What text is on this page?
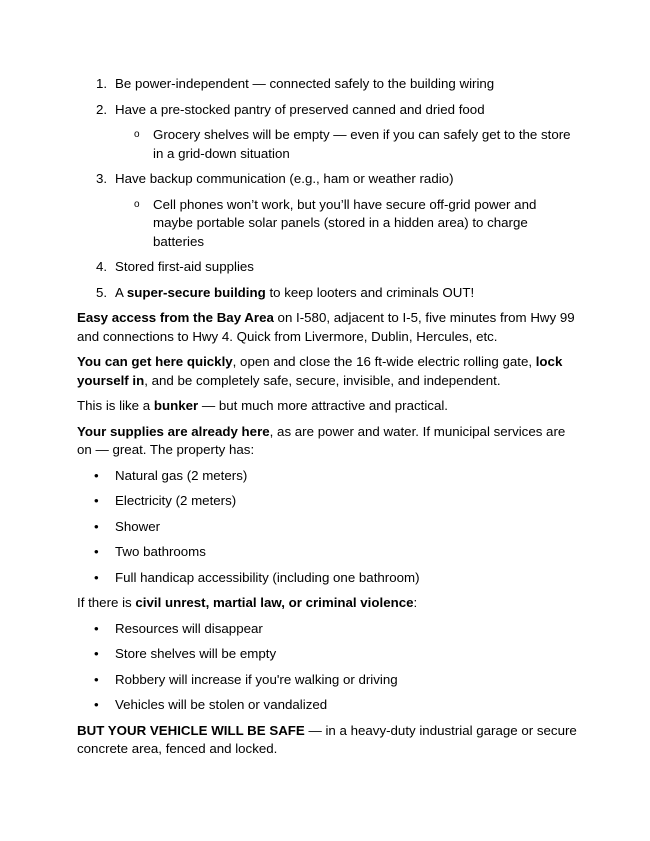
1. Be power-independent — connected safely to the building wiring
2. Have a pre-stocked pantry of preserved canned and dried food
o Grocery shelves will be empty — even if you can safely get to the store in a grid-down situation
3. Have backup communication (e.g., ham or weather radio)
o Cell phones won’t work, but you’ll have secure off-grid power and maybe portable solar panels (stored in a hidden area) to charge batteries
4. Stored first-aid supplies
5. A super-secure building to keep looters and criminals OUT!

Easy access from the Bay Area on I-580, adjacent to I-5, five minutes from Hwy 99 and connections to Hwy 4. Quick from Livermore, Dublin, Hercules, etc.

You can get here quickly, open and close the 16 ft-wide electric rolling gate, lock yourself in, and be completely safe, secure, invisible, and independent.

This is like a bunker — but much more attractive and practical.

Your supplies are already here, as are power and water. If municipal services are on — great. The property has:

• Natural gas (2 meters)
• Electricity (2 meters)
• Shower
• Two bathrooms
• Full handicap accessibility (including one bathroom)

If there is civil unrest, martial law, or criminal violence:

• Resources will disappear
• Store shelves will be empty
• Robbery will increase if you're walking or driving
• Vehicles will be stolen or vandalized

BUT YOUR VEHICLE WILL BE SAFE — in a heavy-duty industrial garage or secure concrete area, fenced and locked.
